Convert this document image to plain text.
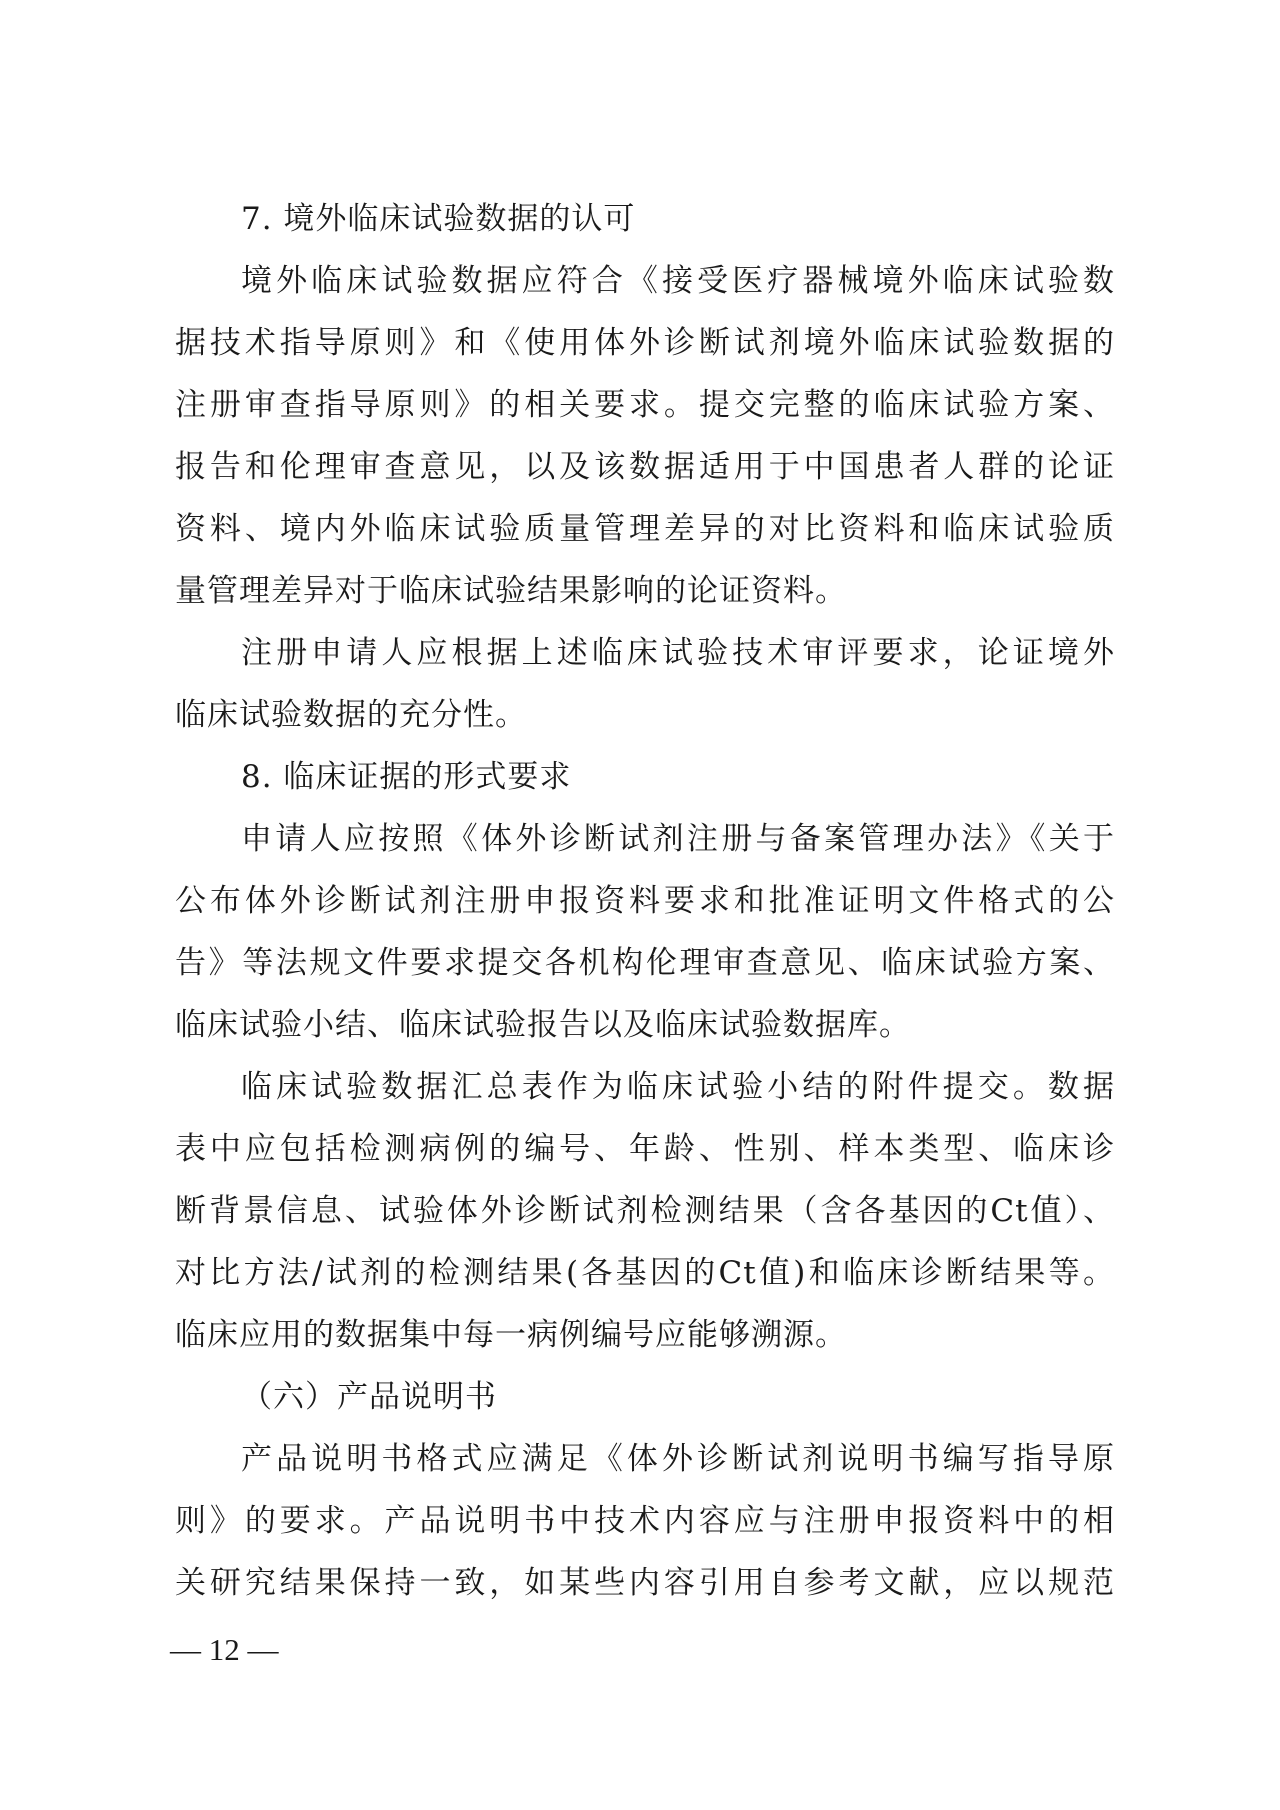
7. 境外临床试验数据的认可
境外临床试验数据应符合《接受医疗器械境外临床试验数
据技术指导原则》和《使用体外诊断试剂境外临床试验数据的
注册审查指导原则》的相关要求。提交完整的临床试验方案、
报告和伦理审查意见，以及该数据适用于中国患者人群的论证
资料、境内外临床试验质量管理差异的对比资料和临床试验质
量管理差异对于临床试验结果影响的论证资料。
注册申请人应根据上述临床试验技术审评要求，论证境外
临床试验数据的充分性。
8. 临床证据的形式要求
申请人应按照《体外诊断试剂注册与备案管理办法》《关于
公布体外诊断试剂注册申报资料要求和批准证明文件格式的公
告》等法规文件要求提交各机构伦理审查意见、临床试验方案、
临床试验小结、临床试验报告以及临床试验数据库。
临床试验数据汇总表作为临床试验小结的附件提交。数据
表中应包括检测病例的编号、年龄、性别、样本类型、临床诊
断背景信息、试验体外诊断试剂检测结果（含各基因的Ct值）、
对比方法/试剂的检测结果(各基因的Ct值)和临床诊断结果等。
临床应用的数据集中每一病例编号应能够溯源。
（六）产品说明书
产品说明书格式应满足《体外诊断试剂说明书编写指导原
则》的要求。产品说明书中技术内容应与注册申报资料中的相
关研究结果保持一致，如某些内容引用自参考文献，应以规范
— 12 —
